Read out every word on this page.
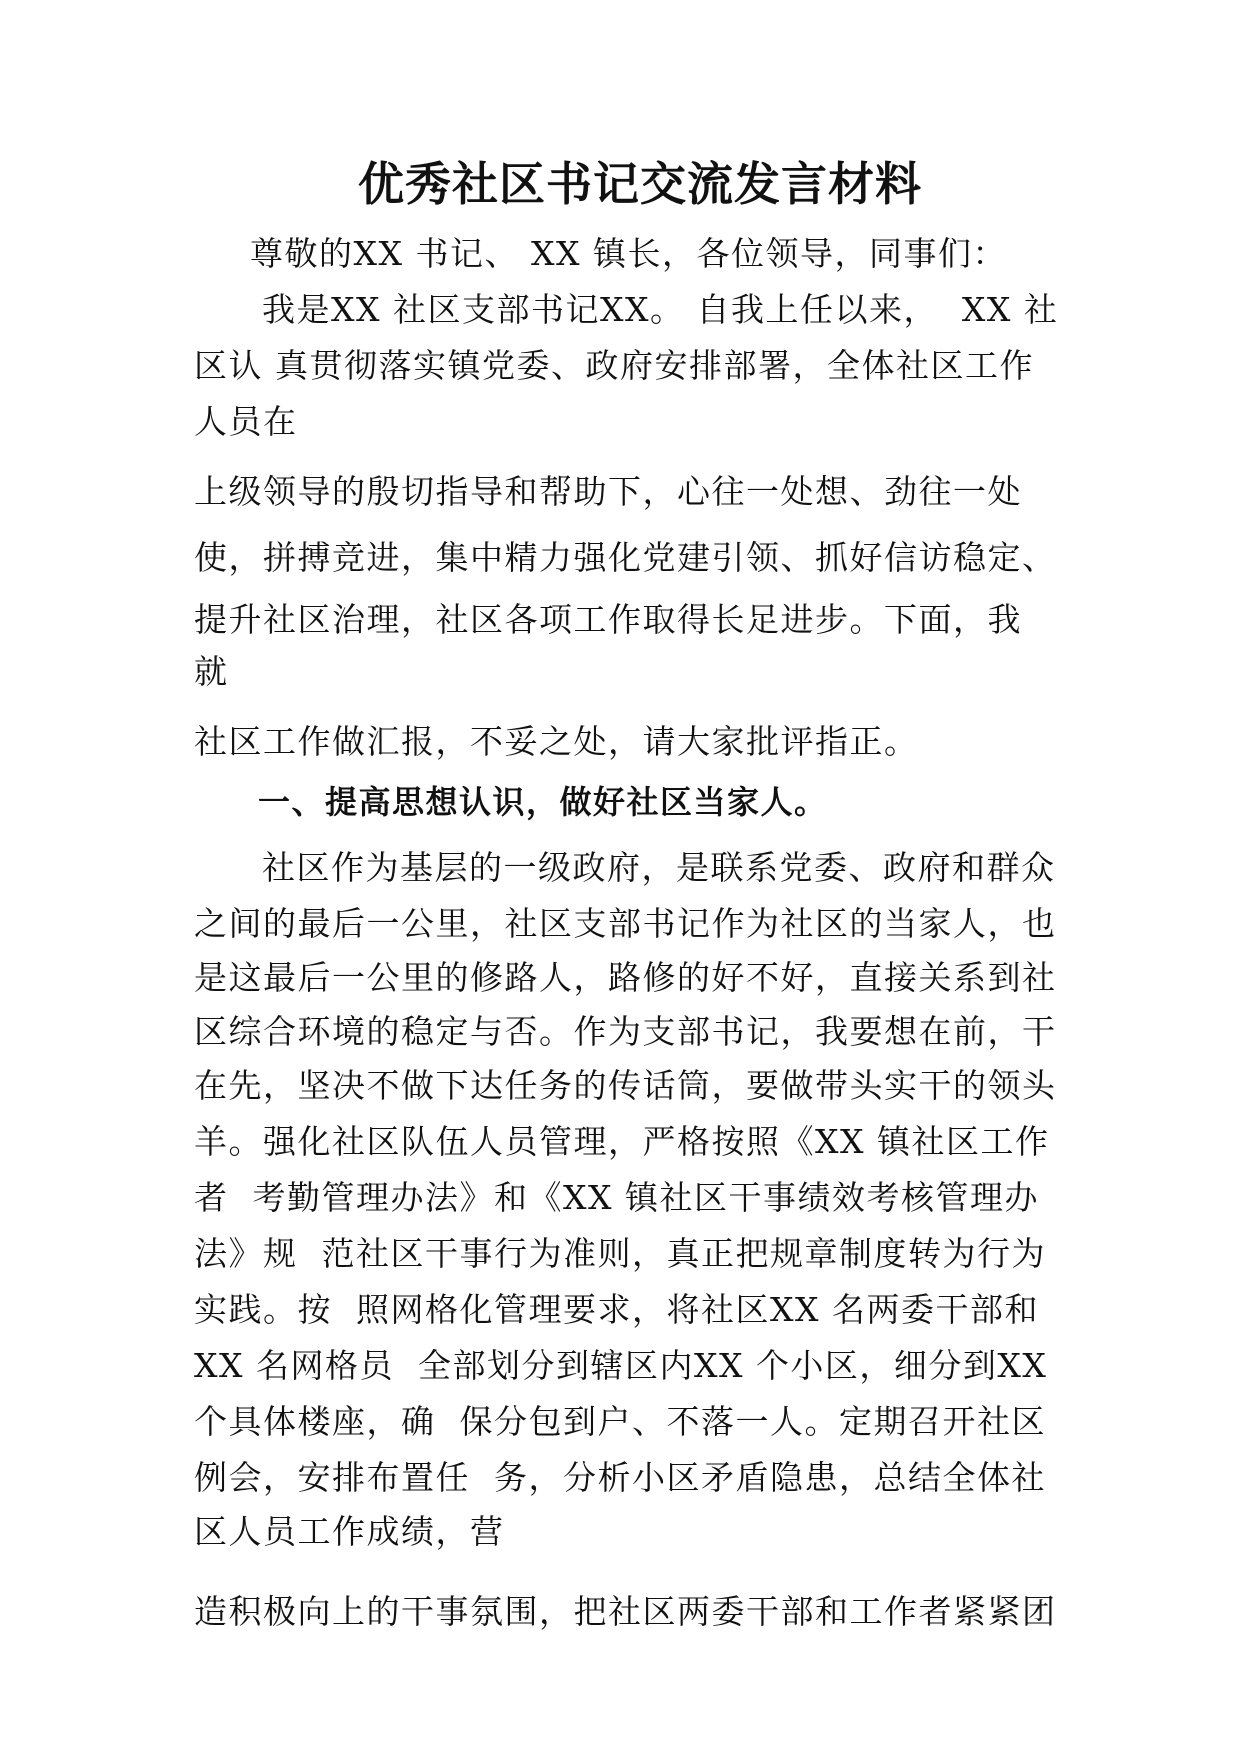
优秀社区书记交流发言材料

尊敬的XX 书记、 XX 镇长，各位领导，同事们：

我是XX 社区支部书记XX。 自我上任以来，  XX 社

区认 真贯彻落实镇党委、政府安排部署，全体社区工作

人员在

上级领导的殷切指导和帮助下，心往一处想、劲往一处

使，拼搏竞进，集中精力强化党建引领、抓好信访稳定、

提升社区治理，社区各项工作取得长足进步。下面，我

就

社区工作做汇报，不妥之处，请大家批评指正。

一、提高思想认识，做好社区当家人。

社区作为基层的一级政府，是联系党委、政府和群众

之间的最后一公里，社区支部书记作为社区的当家人，也

是这最后一公里的修路人，路修的好不好，直接关系到社

区综合环境的稳定与否。作为支部书记，我要想在前，干

在先，坚决不做下达任务的传话筒，要做带头实干的领头

羊。强化社区队伍人员管理，严格按照《XX 镇社区工作

者  考勤管理办法》和《XX 镇社区干事绩效考核管理办

法》规  范社区干事行为准则，真正把规章制度转为行为

实践。按  照网格化管理要求，将社区XX 名两委干部和

XX 名网格员  全部划分到辖区内XX 个小区，细分到XX

个具体楼座，确  保分包到户、不落一人。定期召开社区

例会，安排布置任  务，分析小区矛盾隐患，总结全体社

区人员工作成绩，营

造积极向上的干事氛围，把社区两委干部和工作者紧紧团
